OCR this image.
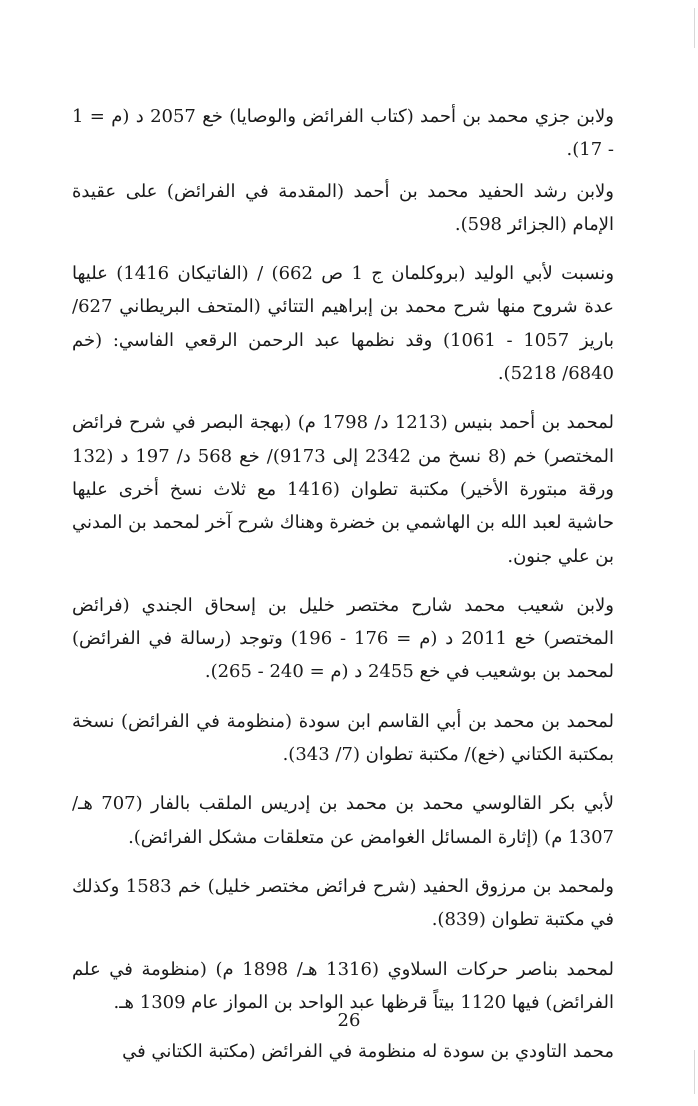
ولابن جزي محمد بن أحمد (كتاب الفرائض والوصايا) خع 2057 د (م = 1 - 17).

ولابن رشد الحفيد محمد بن أحمد (المقدمة في الفرائض) على عقيدة الإمام (الجزائر 598).

ونسبت لأبي الوليد (بروكلمان ج 1 ص 662) / (الفاتيكان 1416) عليها عدة شروح منها شرح محمد بن إبراهيم التتائي (المتحف البريطاني 627/ باريز 1057 - 1061) وقد نظمها عبد الرحمن الرقعي الفاسي: (خم 6840/ 5218).

لمحمد بن أحمد بنيس (1213 د/ 1798 م) (بهجة البصر في شرح فرائض المختصر) خم (8 نسخ من 2342 إلى 9173)/ خع 568 د/ 197 د (132 ورقة مبتورة الأخير) مكتبة تطوان (1416 مع ثلاث نسخ أخرى عليها حاشية لعبد الله بن الهاشمي بن خضرة وهناك شرح آخر لمحمد بن المدني بن علي جنون.

ولابن شعيب محمد شارح مختصر خليل بن إسحاق الجندي (فرائض المختصر) خع 2011 د (م = 176 - 196) وتوجد (رسالة في الفرائض) لمحمد بن بوشعيب في خع 2455 د (م = 240 - 265).

لمحمد بن محمد بن أبي القاسم ابن سودة (منظومة في الفرائض) نسخة بمكتبة الكتاني (خع)/ مكتبة تطوان (7/ 343).

لأبي بكر القالوسي محمد بن محمد بن إدريس الملقب بالفار (707 هـ/ 1307 م) (إثارة المسائل الغوامض عن متعلقات مشكل الفرائض).

ولمحمد بن مرزوق الحفيد (شرح فرائض مختصر خليل) خم 1583 وكذلك في مكتبة تطوان (839).

لمحمد بناصر حركات السلاوي (1316 هـ/ 1898 م) (منظومة في علم الفرائض) فيها 1120 بيتاً قرظها عبد الواحد بن المواز عام 1309 هـ.

محمد التاودي بن سودة له منظومة في الفرائض (مكتبة الكتاني في

26
